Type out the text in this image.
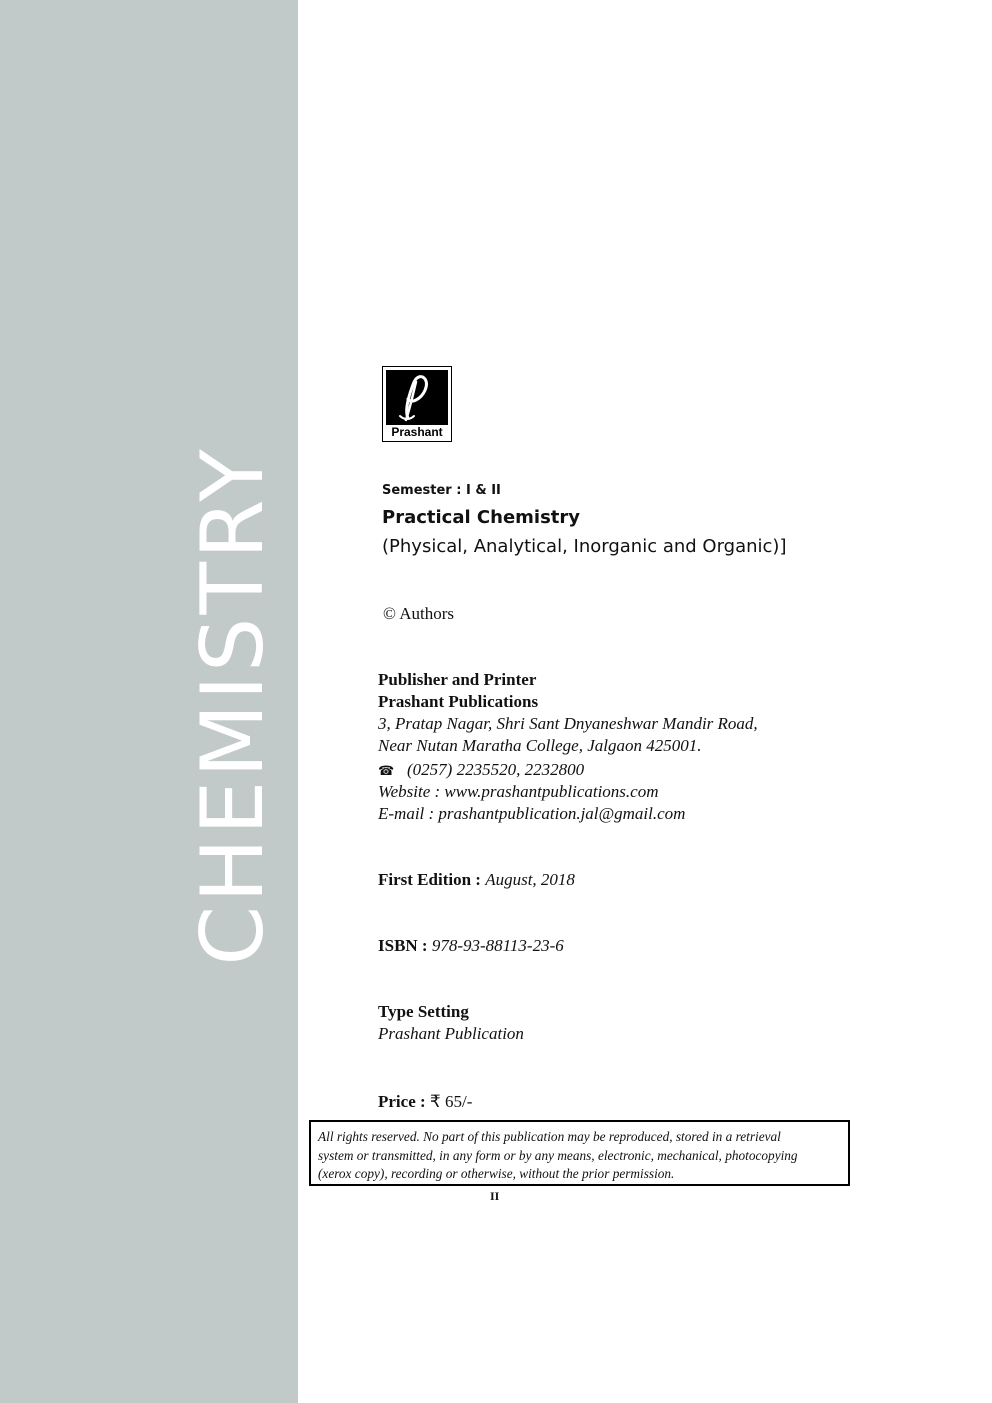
CHEMISTRY
Prashant
Semester : I & II
Practical Chemistry
(Physical, Analytical, Inorganic and Organic)]
© Authors
Publisher and Printer
Prashant Publications
3, Pratap Nagar, Shri Sant Dnyaneshwar Mandir Road,
Near Nutan Maratha College, Jalgaon 425001.
☎ (0257) 2235520, 2232800
Website : www.prashantpublications.com
E-mail : prashantpublication.jal@gmail.com
First Edition : August, 2018
ISBN : 978-93-88113-23-6
Type Setting
Prashant Publication
Price : ₹ 65/-
All rights reserved. No part of this publication may be reproduced, stored in a retrieval
system or transmitted, in any form or by any means, electronic, mechanical, photocopying
(xerox copy), recording or otherwise, without the prior permission.
II
